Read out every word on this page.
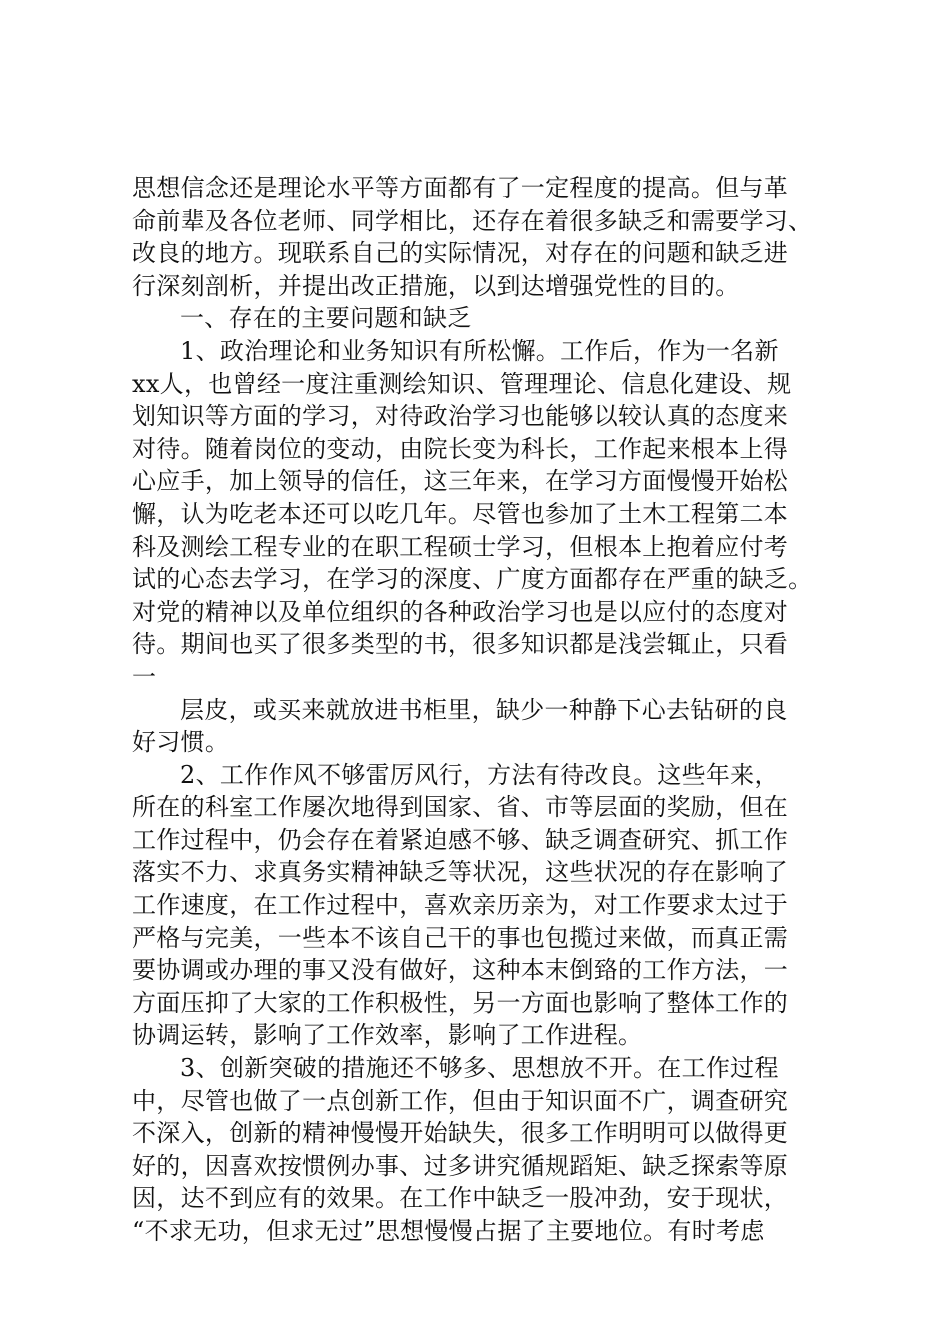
思想信念还是理论水平等方面都有了一定程度的提高。但与革
命前辈及各位老师、同学相比，还存在着很多缺乏和需要学习、
改良的地方。现联系自己的实际情况，对存在的问题和缺乏进
行深刻剖析，并提出改正措施，以到达增强党性的目的。
一、存在的主要问题和缺乏
1、政治理论和业务知识有所松懈。工作后，作为一名新
xx人，也曾经一度注重测绘知识、管理理论、信息化建设、规
划知识等方面的学习，对待政治学习也能够以较认真的态度来
对待。随着岗位的变动，由院长变为科长，工作起来根本上得
心应手，加上领导的信任，这三年来，在学习方面慢慢开始松
懈，认为吃老本还可以吃几年。尽管也参加了土木工程第二本
科及测绘工程专业的在职工程硕士学习，但根本上抱着应付考
试的心态去学习，在学习的深度、广度方面都存在严重的缺乏。
对党的精神以及单位组织的各种政治学习也是以应付的态度对
待。期间也买了很多类型的书，很多知识都是浅尝辄止，只看
一
层皮，或买来就放进书柜里，缺少一种静下心去钻研的良
好习惯。
2、工作作风不够雷厉风行，方法有待改良。这些年来，
所在的科室工作屡次地得到国家、省、市等层面的奖励，但在
工作过程中，仍会存在着紧迫感不够、缺乏调查研究、抓工作
落实不力、求真务实精神缺乏等状况，这些状况的存在影响了
工作速度，在工作过程中，喜欢亲历亲为，对工作要求太过于
严格与完美，一些本不该自己干的事也包揽过来做，而真正需
要协调或办理的事又没有做好，这种本末倒臵的工作方法，一
方面压抑了大家的工作积极性，另一方面也影响了整体工作的
协调运转，影响了工作效率，影响了工作进程。
3、创新突破的措施还不够多、思想放不开。在工作过程
中，尽管也做了一点创新工作，但由于知识面不广，调查研究
不深入，创新的精神慢慢开始缺失，很多工作明明可以做得更
好的，因喜欢按惯例办事、过多讲究循规蹈矩、缺乏探索等原
因，达不到应有的效果。在工作中缺乏一股冲劲，安于现状，
“不求无功，但求无过”思想慢慢占据了主要地位。有时考虑
